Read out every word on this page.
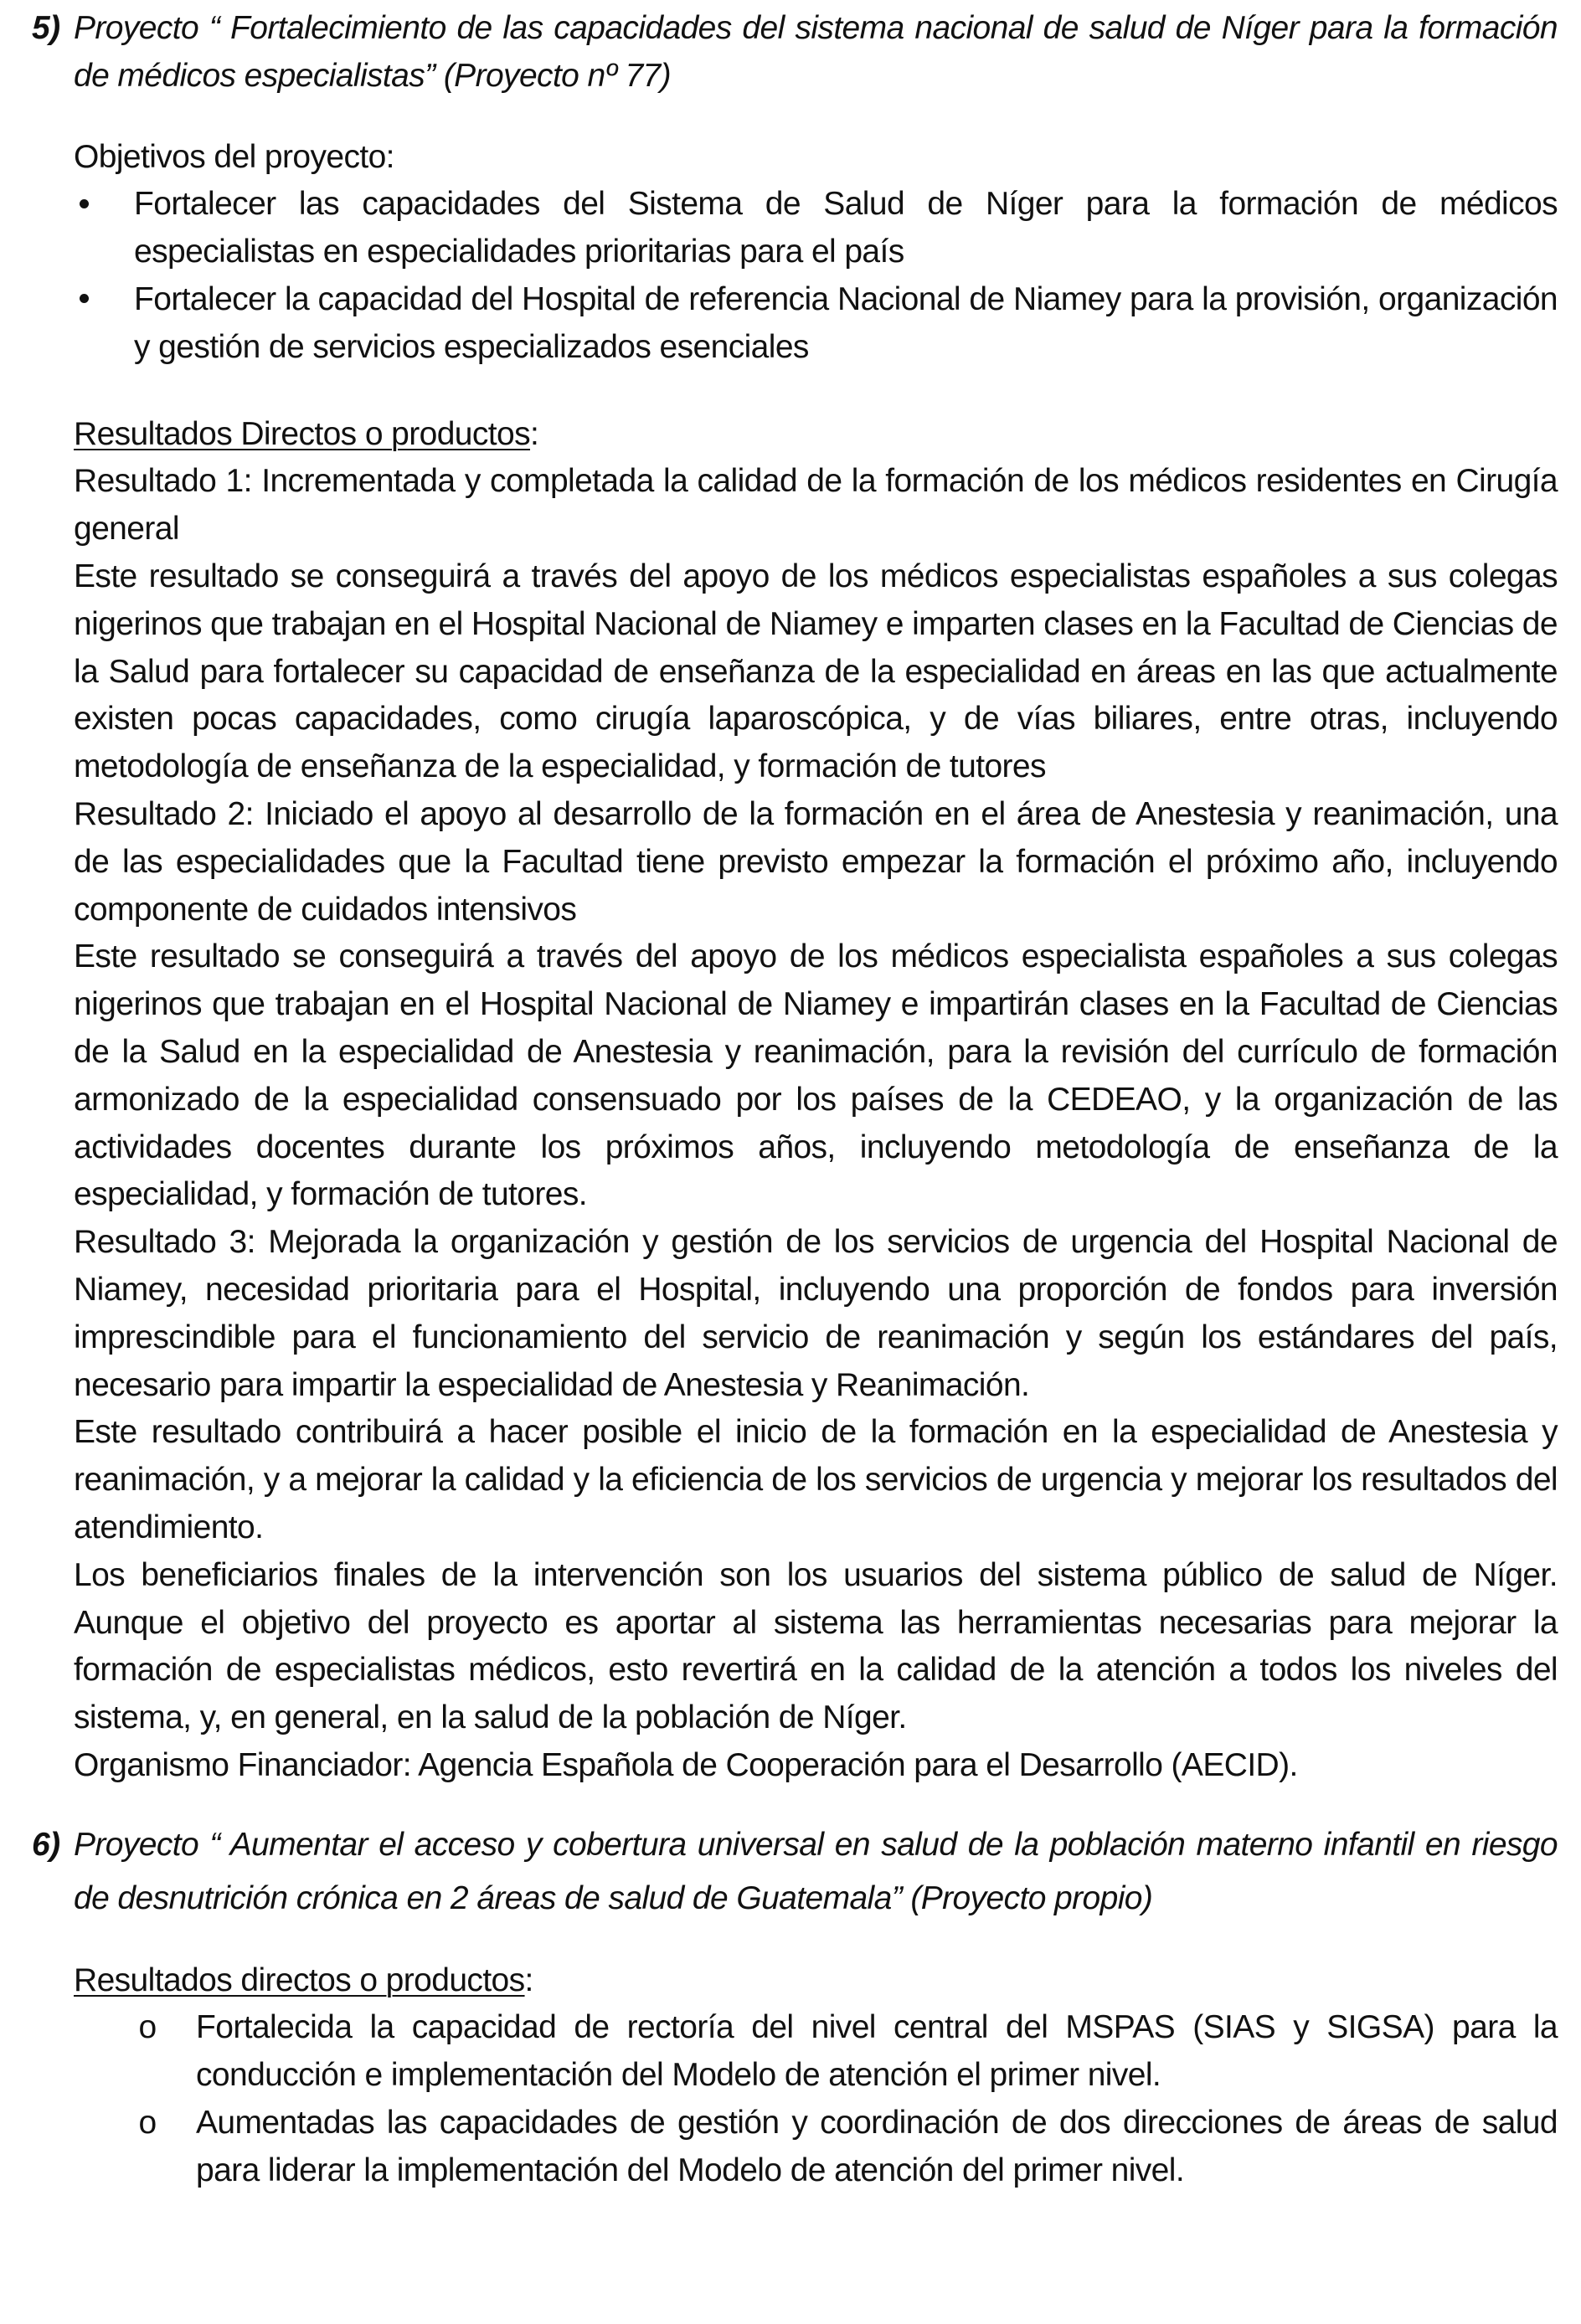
5) Proyecto “ Fortalecimiento de las capacidades del sistema nacional de salud de Níger para la formación de médicos especialistas” (Proyecto nº 77)

Objetivos del proyecto:

Fortalecer las capacidades del Sistema de Salud de Níger para la formación de médicos especialistas en especialidades prioritarias para el país
Fortalecer la capacidad del Hospital de referencia Nacional de Niamey para la provisión, organización y gestión de servicios especializados esenciales

Resultados Directos o productos:

Resultado 1: Incrementada y completada la calidad de la formación de los médicos residentes en Cirugía general

Este resultado se conseguirá a través del apoyo de los médicos especialistas españoles a sus colegas nigerinos que trabajan en el Hospital Nacional de Niamey e imparten clases en la Facultad de Ciencias de la Salud para fortalecer su capacidad de enseñanza de la especialidad en áreas en las que actualmente existen pocas capacidades, como cirugía laparoscópica, y de vías biliares, entre otras, incluyendo metodología de enseñanza de la especialidad, y formación de tutores

Resultado 2: Iniciado el apoyo al desarrollo de la formación en el área de Anestesia y reanimación, una de las especialidades que la Facultad tiene previsto empezar la formación el próximo año, incluyendo componente de cuidados intensivos

Este resultado se conseguirá a través del apoyo de los médicos especialista españoles a sus colegas nigerinos que trabajan en el Hospital Nacional de Niamey e impartirán clases en la Facultad de Ciencias de la Salud en la especialidad de Anestesia y reanimación, para la revisión del currículo de formación armonizado de la especialidad consensuado por los países de la CEDEAO, y la organización de las actividades docentes durante los próximos años, incluyendo metodología de enseñanza de la especialidad, y formación de tutores.

Resultado 3: Mejorada la organización y gestión de los servicios de urgencia del Hospital Nacional de Niamey, necesidad prioritaria para el Hospital, incluyendo una proporción de fondos para inversión imprescindible para el funcionamiento del servicio de reanimación y según los estándares del país, necesario para impartir la especialidad de Anestesia y Reanimación.

Este resultado contribuirá a hacer posible el inicio de la formación en la especialidad de Anestesia y reanimación, y a mejorar la calidad y la eficiencia de los servicios de urgencia y mejorar los resultados del atendimiento.

Los beneficiarios finales de la intervención son los usuarios del sistema público de salud de Níger. Aunque el objetivo del proyecto es aportar al sistema las herramientas necesarias para mejorar la formación de especialistas médicos, esto revertirá en la calidad de la atención a todos los niveles del sistema, y, en general, en la salud de la población de Níger.

Organismo Financiador: Agencia Española de Cooperación para el Desarrollo (AECID).

6) Proyecto “ Aumentar el acceso y cobertura universal en salud de la población materno infantil en riesgo de desnutrición crónica en 2 áreas de salud de Guatemala” (Proyecto propio)

Resultados directos o productos:

o Fortalecida la capacidad de rectoría del nivel central del MSPAS (SIAS y SIGSA) para la conducción e implementación del Modelo de atención el primer nivel.
o Aumentadas las capacidades de gestión y coordinación de dos direcciones de áreas de salud para liderar la implementación del Modelo de atención del primer nivel.
